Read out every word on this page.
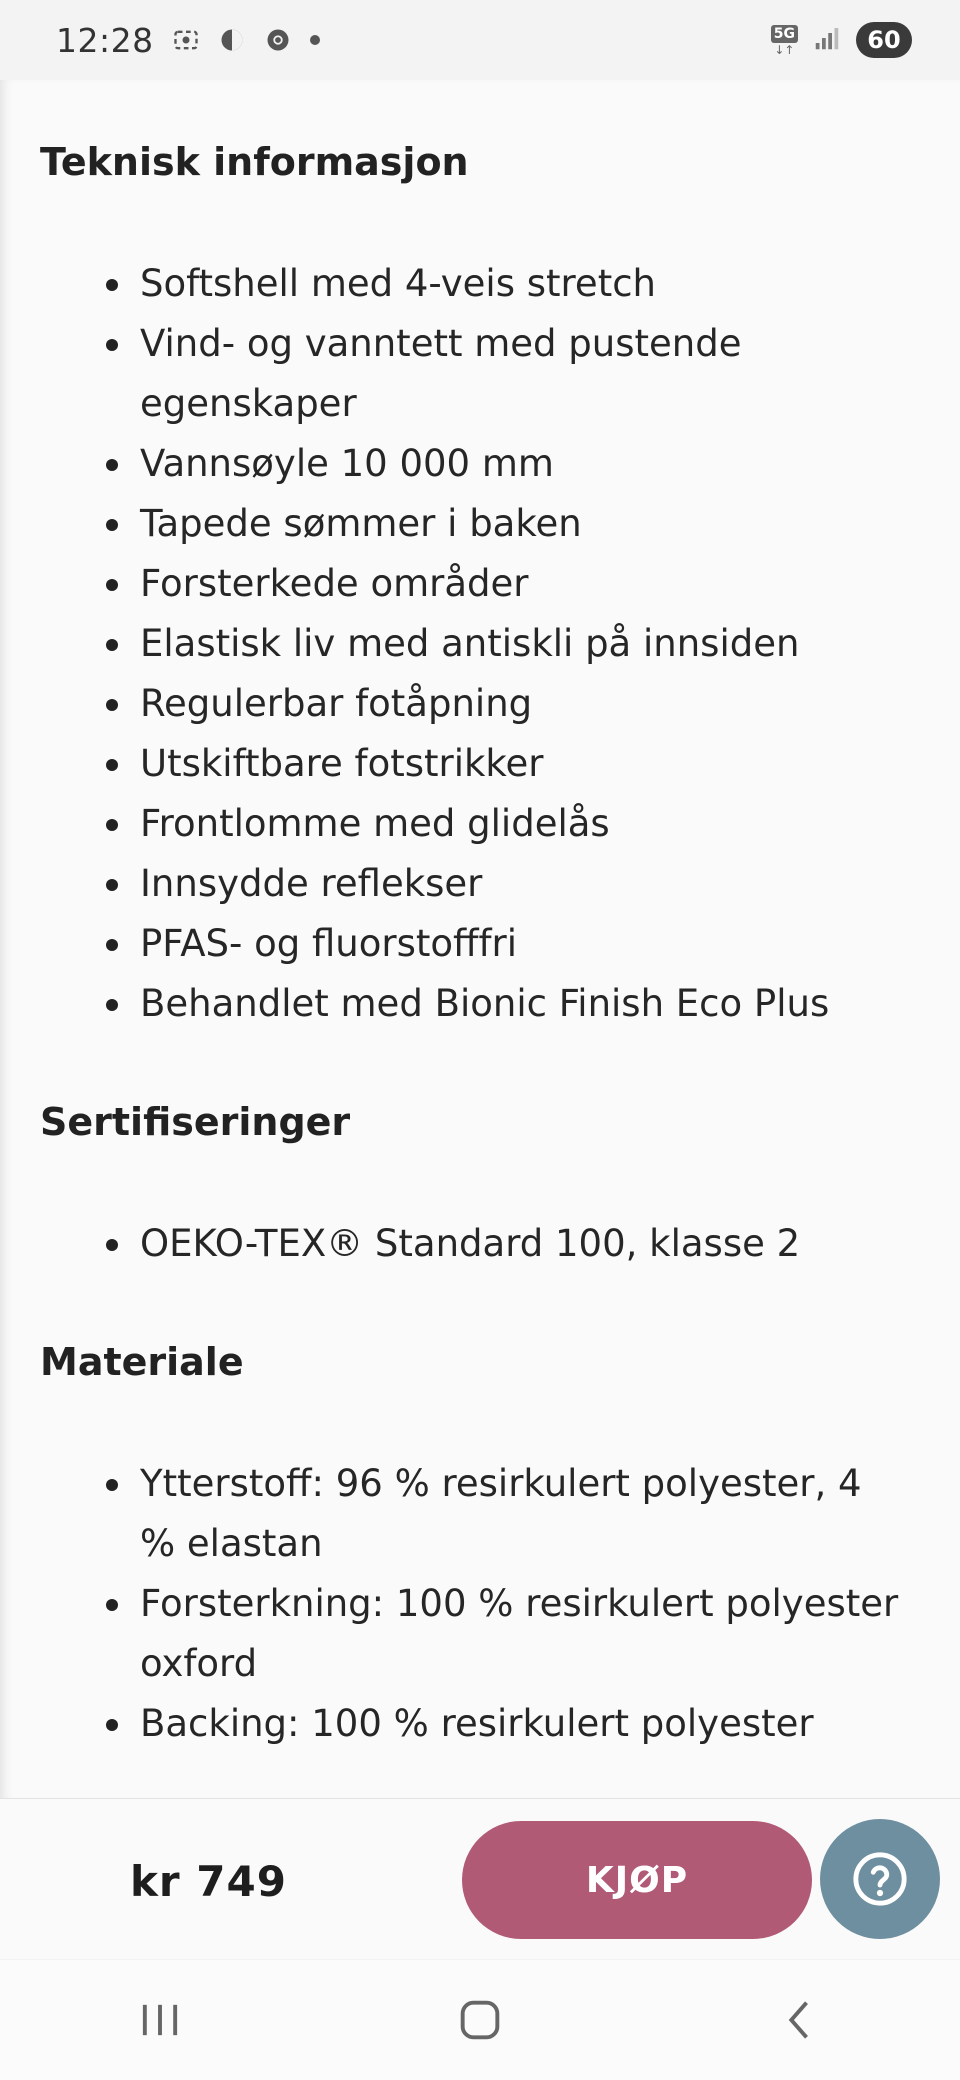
12:28	5G
↓↑	60
Teknisk informasjon
Softshell med 4-veis stretch
Vind- og vanntett med pustende egenskaper
Vannsøyle 10 000 mm
Tapede sømmer i baken
Forsterkede områder
Elastisk liv med antiskli på innsiden
Regulerbar fotåpning
Utskiftbare fotstrikker
Frontlomme med glidelås
Innsydde reflekser
PFAS- og fluorstofffri
Behandlet med Bionic Finish Eco Plus
Sertifiseringer
OEKO-TEX® Standard 100, klasse 2
Materiale
Ytterstoff: 96 % resirkulert polyester, 4 % elastan
Forsterkning: 100 % resirkulert polyester oxford
Backing: 100 % resirkulert polyester
kr 749	KJØP
